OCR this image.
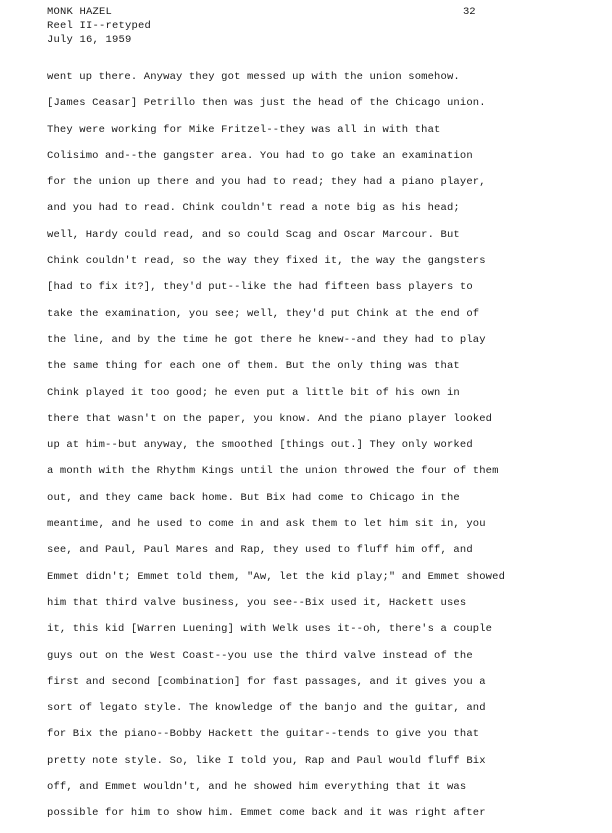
MONK HAZEL
Reel II--retyped
July 16, 1959
32
went up there. Anyway they got messed up with the union somehow.
[James Ceasar] Petrillo then was just the head of the Chicago union.
They were working for Mike Fritzel--they was all in with that
Colisimo and--the gangster area. You had to go take an examination
for the union up there and you had to read; they had a piano player,
and you had to read. Chink couldn't read a note big as his head;
well, Hardy could read, and so could Scag and Oscar Marcour. But
Chink couldn't read, so the way they fixed it, the way the gangsters
[had to fix it?], they'd put--like the had fifteen bass players to
take the examination, you see; well, they'd put Chink at the end of
the line, and by the time he got there he knew--and they had to play
the same thing for each one of them. But the only thing was that
Chink played it too good; he even put a little bit of his own in
there that wasn't on the paper, you know. And the piano player looked
up at him--but anyway, the smoothed [things out.] They only worked
a month with the Rhythm Kings until the union throwed the four of them
out, and they came back home. But Bix had come to Chicago in the
meantime, and he used to come in and ask them to let him sit in, you
see, and Paul, Paul Mares and Rap, they used to fluff him off, and
Emmet didn't; Emmet told them, "Aw, let the kid play;" and Emmet showed
him that third valve business, you see--Bix used it, Hackett uses
it, this kid [Warren Luening] with Welk uses it--oh, there's a couple
guys out on the West Coast--you use the third valve instead of the
first and second [combination] for fast passages, and it gives you a
sort of legato style. The knowledge of the banjo and the guitar, and
for Bix the piano--Bobby Hackett the guitar--tends to give you that
pretty note style. So, like I told you, Rap and Paul would fluff Bix
off, and Emmet wouldn't, and he showed him everything that it was
possible for him to show him. Emmet come back and it was right after
